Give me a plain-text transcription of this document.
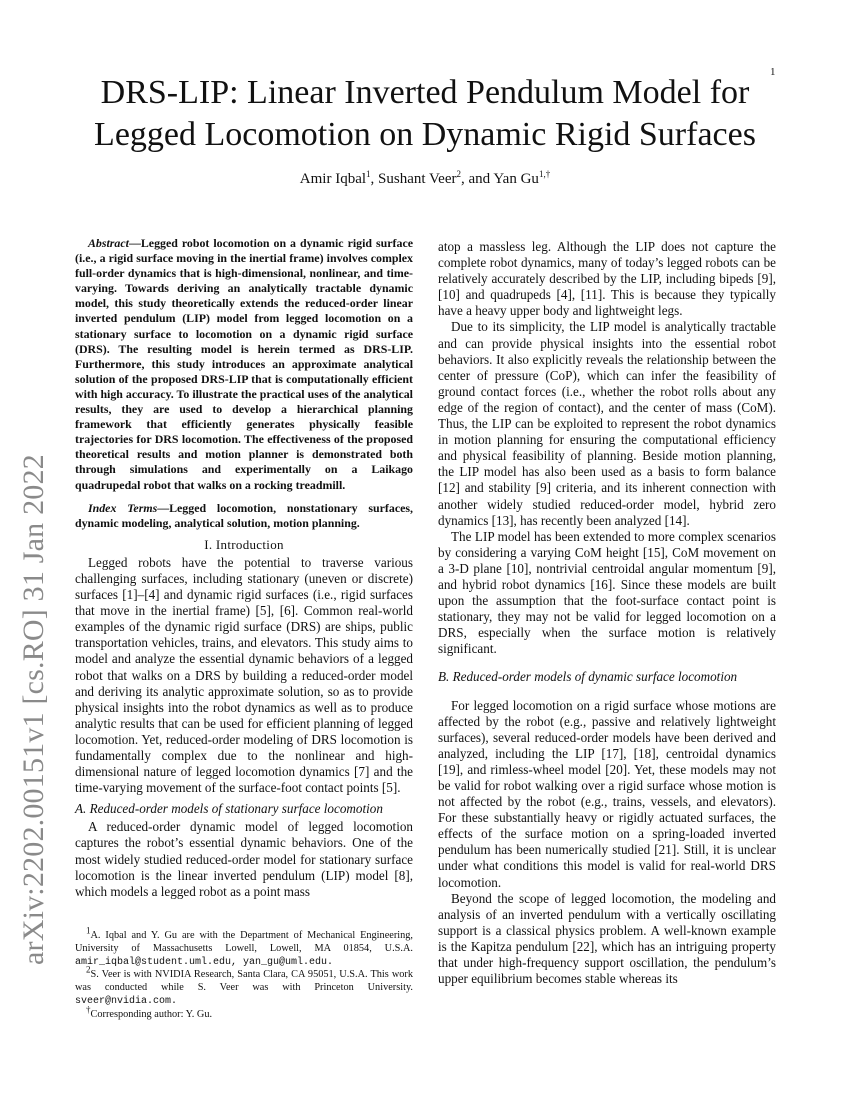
1
arXiv:2202.00151v1 [cs.RO] 31 Jan 2022
DRS-LIP: Linear Inverted Pendulum Model for Legged Locomotion on Dynamic Rigid Surfaces
Amir Iqbal$^1$, Sushant Veer$^2$, and Yan $Gu^{1,\dagger}$

Abstract—Legged robot locomotion on a dynamic rigid surface (i.e., a rigid surface moving in the inertial frame) involves complex full-order dynamics that is high-dimensional, nonlinear, and time-varying. Towards deriving an analytically tractable dynamic model, this study theoretically extends the reduced-order linear inverted pendulum (LIP) model from legged locomotion on a stationary surface to locomotion on a dynamic rigid surface (DRS). The resulting model is herein termed as DRS-LIP. Furthermore, this study introduces an approximate analytical solution of the proposed DRS-LIP that is computationally efficient with high accuracy. To illustrate the practical uses of the analytical results, they are used to develop a hierarchical planning framework that efficiently generates physically feasible trajectories for DRS locomotion. The effectiveness of the proposed theoretical results and motion planner is demonstrated both through simulations and experimentally on a Laikago quadrupedal robot that walks on a rocking treadmill.

Index Terms—Legged locomotion, nonstationary surfaces, dynamic modeling, analytical solution, motion planning.

I. Introduction

Legged robots have the potential to traverse various challenging surfaces, including stationary (uneven or discrete) surfaces [1]–[4] and dynamic rigid surfaces (i.e., rigid surfaces that move in the inertial frame) [5], [6]. Common real-world examples of the dynamic rigid surface (DRS) are ships, public transportation vehicles, trains, and elevators. This study aims to model and analyze the essential dynamic behaviors of a legged robot that walks on a DRS by building a reduced-order model and deriving its analytic approximate solution, so as to provide physical insights into the robot dynamics as well as to produce analytic results that can be used for efficient planning of legged locomotion. Yet, reduced-order modeling of DRS locomotion is fundamentally complex due to the nonlinear and high-dimensional nature of legged locomotion dynamics [7] and the time-varying movement of the surface-foot contact points [5].

A. Reduced-order models of stationary surface locomotion

A reduced-order dynamic model of legged locomotion captures the robot’s essential dynamic behaviors. One of the most widely studied reduced-order model for stationary surface locomotion is the linear inverted pendulum (LIP) model [8], which models a legged robot as a point mass

$^1$A. Iqbal and Y. Gu are with the Department of Mechanical Engineering, University of Massachusetts Lowell, Lowell, MA 01854, U.S.A. amir_iqbal@student.uml.edu, yan_gu@uml.edu.

$^2$S. Veer is with NVIDIA Research, Santa Clara, CA 95051, U.S.A. This work was conducted while S. Veer was with Princeton University. sveer@nvidia.com.

†Corresponding author: Y. Gu.

atop a massless leg. Although the LIP does not capture the complete robot dynamics, many of today’s legged robots can be relatively accurately described by the LIP, including bipeds [9], [10] and quadrupeds [4], [11]. This is because they typically have a heavy upper body and lightweight legs.

Due to its simplicity, the LIP model is analytically tractable and can provide physical insights into the essential robot behaviors. It also explicitly reveals the relationship between the center of pressure (CoP), which can infer the feasibility of ground contact forces (i.e., whether the robot rolls about any edge of the region of contact), and the center of mass (CoM). Thus, the LIP can be exploited to represent the robot dynamics in motion planning for ensuring the computational efficiency and physical feasibility of planning. Beside motion planning, the LIP model has also been used as a basis to form balance [12] and stability [9] criteria, and its inherent connection with another widely studied reduced-order model, hybrid zero dynamics [13], has recently been analyzed [14].

The LIP model has been extended to more complex scenarios by considering a varying CoM height [15], CoM movement on a 3-D plane [10], nontrivial centroidal angular momentum [9], and hybrid robot dynamics [16]. Since these models are built upon the assumption that the foot-surface contact point is stationary, they may not be valid for legged locomotion on a DRS, especially when the surface motion is relatively significant.

B. Reduced-order models of dynamic surface locomotion

For legged locomotion on a rigid surface whose motions are affected by the robot (e.g., passive and relatively lightweight surfaces), several reduced-order models have been derived and analyzed, including the LIP [17], [18], centroidal dynamics [19], and rimless-wheel model [20]. Yet, these models may not be valid for robot walking over a rigid surface whose motion is not affected by the robot (e.g., trains, vessels, and elevators). For these substantially heavy or rigidly actuated surfaces, the effects of the surface motion on a spring-loaded inverted pendulum has been numerically studied [21]. Still, it is unclear under what conditions this model is valid for real-world DRS locomotion.

Beyond the scope of legged locomotion, the modeling and analysis of an inverted pendulum with a vertically oscillating support is a classical physics problem. A well-known example is the Kapitza pendulum [22], which has an intriguing property that under high-frequency support oscillation, the pendulum’s upper equilibrium becomes stable whereas its
